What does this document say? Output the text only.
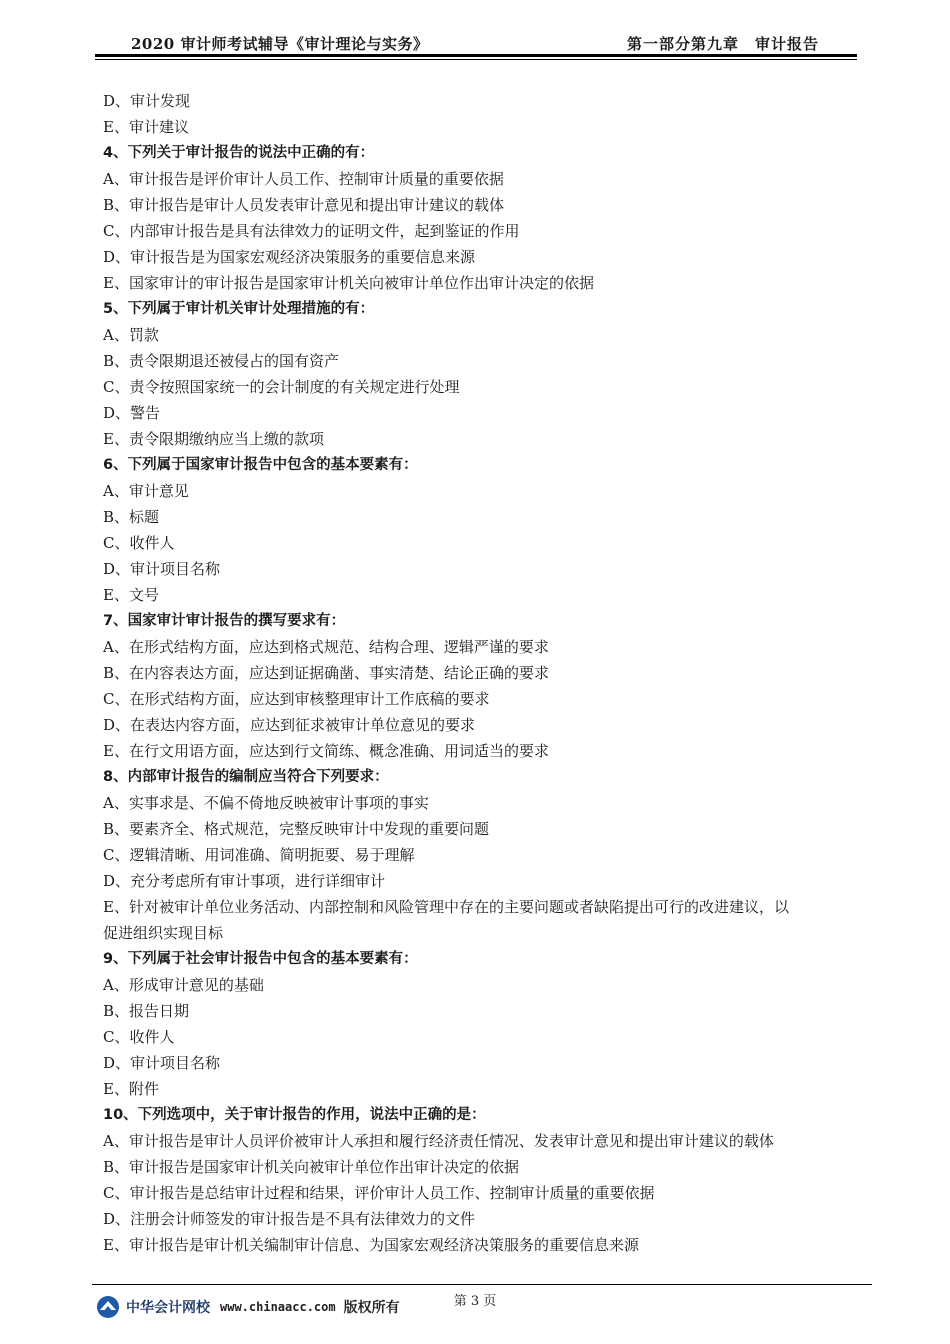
2020 审计师考试辅导《审计理论与实务》	第一部分第九章　审计报告
D、审计发现
E、审计建议
4、下列关于审计报告的说法中正确的有：
A、审计报告是评价审计人员工作、控制审计质量的重要依据
B、审计报告是审计人员发表审计意见和提出审计建议的载体
C、内部审计报告是具有法律效力的证明文件，起到鉴证的作用
D、审计报告是为国家宏观经济决策服务的重要信息来源
E、国家审计的审计报告是国家审计机关向被审计单位作出审计决定的依据
5、下列属于审计机关审计处理措施的有：
A、罚款
B、责令限期退还被侵占的国有资产
C、责令按照国家统一的会计制度的有关规定进行处理
D、警告
E、责令限期缴纳应当上缴的款项
6、下列属于国家审计报告中包含的基本要素有：
A、审计意见
B、标题
C、收件人
D、审计项目名称
E、文号
7、国家审计审计报告的撰写要求有：
A、在形式结构方面，应达到格式规范、结构合理、逻辑严谨的要求
B、在内容表达方面，应达到证据确凿、事实清楚、结论正确的要求
C、在形式结构方面，应达到审核整理审计工作底稿的要求
D、在表达内容方面，应达到征求被审计单位意见的要求
E、在行文用语方面，应达到行文简练、概念准确、用词适当的要求
8、内部审计报告的编制应当符合下列要求：
A、实事求是、不偏不倚地反映被审计事项的事实
B、要素齐全、格式规范，完整反映审计中发现的重要问题
C、逻辑清晰、用词准确、简明扼要、易于理解
D、充分考虑所有审计事项，进行详细审计
E、针对被审计单位业务活动、内部控制和风险管理中存在的主要问题或者缺陷提出可行的改进建议，以
促进组织实现目标
9、下列属于社会审计报告中包含的基本要素有：
A、形成审计意见的基础
B、报告日期
C、收件人
D、审计项目名称
E、附件
10、下列选项中，关于审计报告的作用，说法中正确的是：
A、审计报告是审计人员评价被审计人承担和履行经济责任情况、发表审计意见和提出审计建议的载体
B、审计报告是国家审计机关向被审计单位作出审计决定的依据
C、审计报告是总结审计过程和结果，评价审计人员工作、控制审计质量的重要依据
D、注册会计师签发的审计报告是不具有法律效力的文件
E、审计报告是审计机关编制审计信息、为国家宏观经济决策服务的重要信息来源
第 3 页
中华会计网校 www.chinaacc.com 版权所有
